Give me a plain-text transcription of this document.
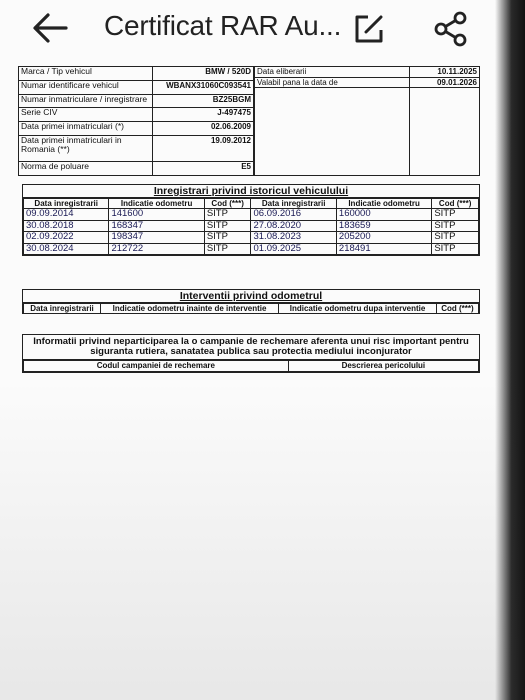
Certificat RAR Au...
Marca / Tip vehicul	BMW / 520D
Numar identificare vehicul	WBANX31060C093541
Numar inmatriculare / inregistrare	BZ25BGM
Serie CIV	J-497475
Data primei inmatriculari (*)	02.06.2009
Data primei inmatriculari in Romania (**)	19.09.2012
Norma de poluare	E5
Data eliberarii	10.11.2025
Valabil pana la data de	09.01.2026

Inregistrari privind istoricul vehiculului
Data inregistrarii	Indicatie odometru	Cod (***)	Data inregistrarii	Indicatie odometru	Cod (***)
09.09.2014	141600	SITP	06.09.2016	160000	SITP
30.08.2018	168347	SITP	27.08.2020	183659	SITP
02.09.2022	198347	SITP	31.08.2023	205200	SITP
30.08.2024	212722	SITP	01.09.2025	218491	SITP
Interventii privind odometrul
Data inregistrarii	Indicatie odometru inainte de interventie	Indicatie odometru dupa interventie	Cod (***)
Informatii privind neparticiparea la o campanie de rechemare aferenta unui risc important pentru siguranta rutiera, sanatatea publica sau protectia mediului inconjurator
Codul campaniei de rechemare	Descrierea pericolului
